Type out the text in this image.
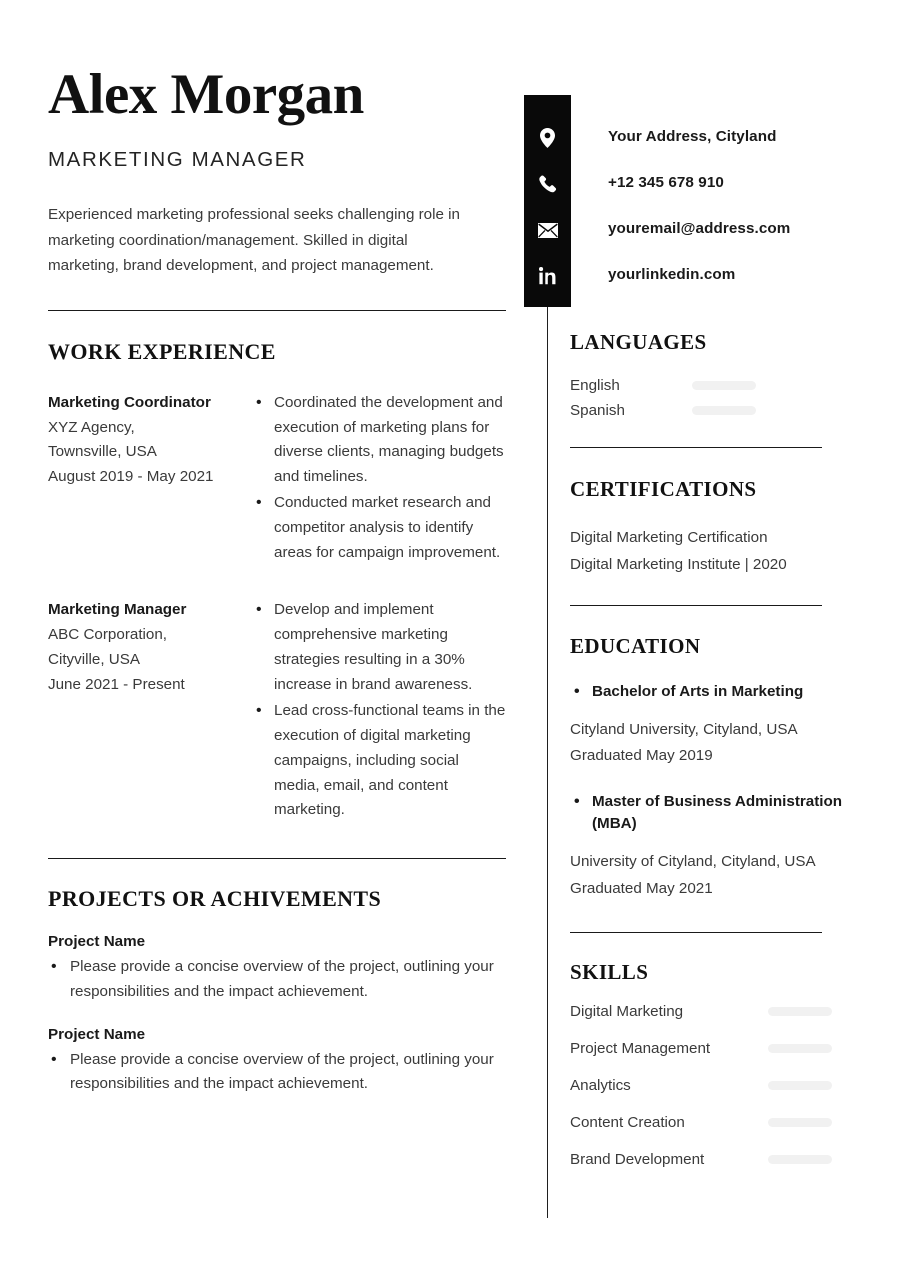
Alex Morgan
MARKETING MANAGER

Experienced marketing professional seeks challenging role in marketing coordination/management. Skilled in digital marketing, brand development, and project management.

WORK EXPERIENCE
Marketing Coordinator
XYZ Agency,
Townsville, USA
August 2019 - May 2021
• Coordinated the development and execution of marketing plans for diverse clients, managing budgets and timelines.
• Conducted market research and competitor analysis to identify areas for campaign improvement.
Marketing Manager
ABC Corporation,
Cityville, USA
June 2021 - Present
• Develop and implement comprehensive marketing strategies resulting in a 30% increase in brand awareness.
• Lead cross-functional teams in the execution of digital marketing campaigns, including social media, email, and content marketing.
PROJECTS OR ACHIVEMENTS
Project Name
• Please provide a concise overview of the project, outlining your responsibilities and the impact achievement.
Project Name
• Please provide a concise overview of the project, outlining your responsibilities and the impact achievement.
Your Address, Cityland
+12 345 678 910
youremail@address.com
yourlinkedin.com
LANGUAGES
English
Spanish
CERTIFICATIONS
Digital Marketing Certification
Digital Marketing Institute | 2020
EDUCATION
• Bachelor of Arts in Marketing
Cityland University, Cityland, USA
Graduated May 2019
• Master of Business Administration (MBA)
University of Cityland, Cityland, USA
Graduated May 2021
SKILLS
Digital Marketing
Project Management
Analytics
Content Creation
Brand Development
